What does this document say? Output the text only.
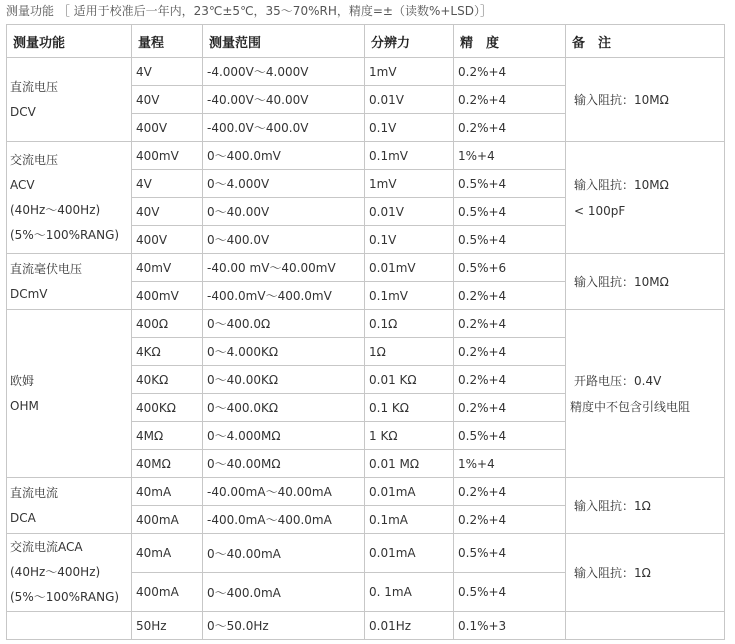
测量功能 ［ 适用于校准后一年内，23℃±5℃，35～70%RH，精度=±（读数%+LSD）］
测量功能	量程	测量范围	分辨力	精　度	备　注

直流电压
DCV	4V	-4.000V～4.000V	1mV	0.2%+4	输入阻抗：10MΩ

	40V	-40.00V～40.00V	0.01V	0.2%+4	
	400V	-400.0V～400.0V	0.1V	0.2%+4	

交流电压
ACV
(40Hz～400Hz)
(5%～100%RANG)	400mV	0～400.0mV	0.1mV	1%+4	输入阻抗：10MΩ
< 100pF

	4V	0～4.000V	1mV	0.5%+4	
	40V	0～40.00V	0.01V	0.5%+4	
	400V	0～400.0V	0.1V	0.5%+4	

直流毫伏电压
DCmV	40mV	-40.00 mV～40.00mV	0.01mV	0.5%+6	输入阻抗：10MΩ

	400mV	-400.0mV～400.0mV	0.1mV	0.2%+4	

欧姆
OHM	400Ω	0～400.0Ω	0.1Ω	0.2%+4	开路电压：0.4V
精度中不包含引线电阻

	4KΩ	0～4.000KΩ	1Ω	0.2%+4	
	40KΩ	0～40.00KΩ	0.01 KΩ	0.2%+4	
	400KΩ	0～400.0KΩ	0.1 KΩ	0.2%+4	
	4MΩ	0～4.000MΩ	1 KΩ	0.5%+4	
	40MΩ	0～40.00MΩ	0.01 MΩ	1%+4	

直流电流
DCA	40mA	-40.00mA～40.00mA	0.01mA	0.2%+4	输入阻抗：1Ω

	400mA	-400.0mA～400.0mA	0.1mA	0.2%+4	

交流电流ACA
(40Hz～400Hz)
(5%～100%RANG)	40mA	0～40.00mA	0.01mA	0.5%+4	输入阻抗：1Ω

	400mA	0～400.0mA	0. 1mA	0.5%+4	
	50Hz	0～50.0Hz	0.01Hz	0.1%+3	
